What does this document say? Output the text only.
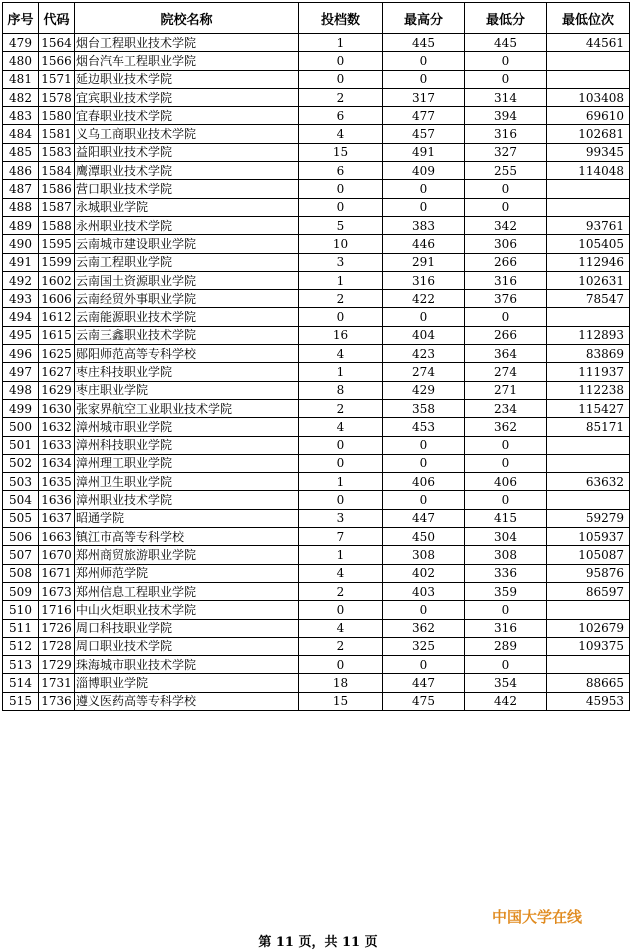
序号	代码	院校名称	投档数	最高分	最低分	最低位次
479	1564	烟台工程职业技术学院	1	445	445	44561
480	1566	烟台汽车工程职业学院	0	0	0	
481	1571	延边职业技术学院	0	0	0	
482	1578	宜宾职业技术学院	2	317	314	103408
483	1580	宜春职业技术学院	6	477	394	69610
484	1581	义乌工商职业技术学院	4	457	316	102681
485	1583	益阳职业技术学院	15	491	327	99345
486	1584	鹰潭职业技术学院	6	409	255	114048
487	1586	营口职业技术学院	0	0	0	
488	1587	永城职业学院	0	0	0	
489	1588	永州职业技术学院	5	383	342	93761
490	1595	云南城市建设职业学院	10	446	306	105405
491	1599	云南工程职业学院	3	291	266	112946
492	1602	云南国土资源职业学院	1	316	316	102631
493	1606	云南经贸外事职业学院	2	422	376	78547
494	1612	云南能源职业技术学院	0	0	0	
495	1615	云南三鑫职业技术学院	16	404	266	112893
496	1625	郧阳师范高等专科学校	4	423	364	83869
497	1627	枣庄科技职业学院	1	274	274	111937
498	1629	枣庄职业学院	8	429	271	112238
499	1630	张家界航空工业职业技术学院	2	358	234	115427
500	1632	漳州城市职业学院	4	453	362	85171
501	1633	漳州科技职业学院	0	0	0	
502	1634	漳州理工职业学院	0	0	0	
503	1635	漳州卫生职业学院	1	406	406	63632
504	1636	漳州职业技术学院	0	0	0	
505	1637	昭通学院	3	447	415	59279
506	1663	镇江市高等专科学校	7	450	304	105937
507	1670	郑州商贸旅游职业学院	1	308	308	105087
508	1671	郑州师范学院	4	402	336	95876
509	1673	郑州信息工程职业学院	2	403	359	86597
510	1716	中山火炬职业技术学院	0	0	0	
511	1726	周口科技职业学院	4	362	316	102679
512	1728	周口职业技术学院	2	325	289	109375
513	1729	珠海城市职业技术学院	0	0	0	
514	1731	淄博职业学院	18	447	354	88665
515	1736	遵义医药高等专科学校	15	475	442	45953
中国大学在线
第 11 页，共 11 页
